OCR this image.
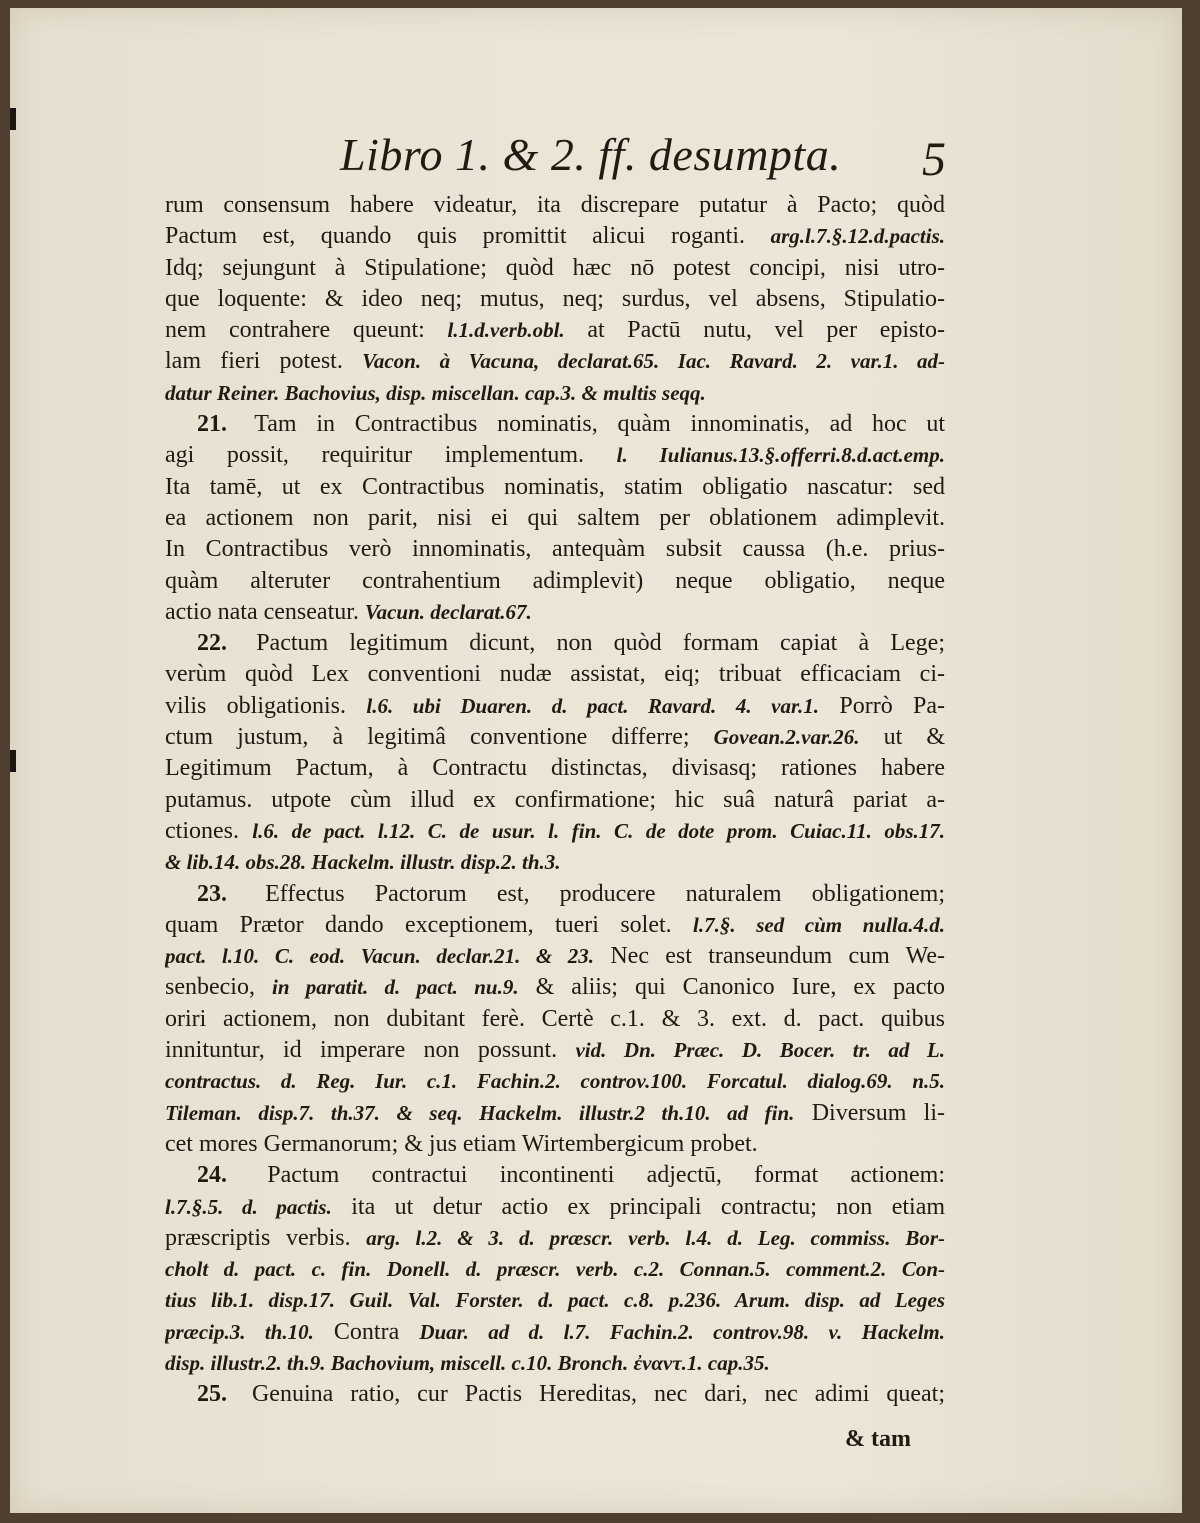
Libro 1. & 2. ff. desumpta. 5
rum consensum habere videatur, ita discrepare putatur à Pacto; quòd
Pactum est, quando quis promittit alicui roganti. arg.l.7.§.12.d.pactis.
Idq; sejungunt à Stipulatione; quòd hæc nō potest concipi, nisi utro-
que loquente: & ideo neq; mutus, neq; surdus, vel absens, Stipulatio-
nem contrahere queunt: l.1.d.verb.obl. at Pactū nutu, vel per episto-
lam fieri potest. Vacon. à Vacuna, declarat.65. Iac. Ravard. 2. var.1. ad-
datur Reiner. Bachovius, disp. miscellan. cap.3. & multis seqq.
21. Tam in Contractibus nominatis, quàm innominatis, ad hoc ut
agi possit, requiritur implementum. l. Iulianus.13.§.offerri.8.d.act.emp.
Ita tamē, ut ex Contractibus nominatis, statim obligatio nascatur: sed
ea actionem non parit, nisi ei qui saltem per oblationem adimplevit.
In Contractibus verò innominatis, antequàm subsit caussa (h.e. prius-
quàm alteruter contrahentium adimplevit) neque obligatio, neque
actio nata censeatur. Vacun. declarat.67.
22. Pactum legitimum dicunt, non quòd formam capiat à Lege;
verùm quòd Lex conventioni nudæ assistat, eiq; tribuat efficaciam ci-
vilis obligationis. l.6. ubi Duaren. d. pact. Ravard. 4. var.1. Porrò Pa-
ctum justum, à legitimâ conventione differre; Govean.2.var.26. ut &
Legitimum Pactum, à Contractu distinctas, divisasq; rationes habere
putamus. utpote cùm illud ex confirmatione; hic suâ naturâ pariat a-
ctiones. l.6. de pact. l.12. C. de usur. l. fin. C. de dote prom. Cuiac.11. obs.17.
& lib.14. obs.28. Hackelm. illustr. disp.2. th.3.
23. Effectus Pactorum est, producere naturalem obligationem;
quam Prætor dando exceptionem, tueri solet. l.7.§. sed cùm nulla.4.d.
pact. l.10. C. eod. Vacun. declar.21. & 23. Nec est transeundum cum We-
senbecio, in paratit. d. pact. nu.9. & aliis; qui Canonico Iure, ex pacto
oriri actionem, non dubitant ferè. Certè c.1. & 3. ext. d. pact. quibus
innituntur, id imperare non possunt. vid. Dn. Præc. D. Bocer. tr. ad L.
contractus. d. Reg. Iur. c.1. Fachin.2. controv.100. Forcatul. dialog.69. n.5.
Tileman. disp.7. th.37. & seq. Hackelm. illustr.2 th.10. ad fin. Diversum li-
cet mores Germanorum; & jus etiam Wirtembergicum probet.
24. Pactum contractui incontinenti adjectū, format actionem:
l.7.§.5. d. pactis. ita ut detur actio ex principali contractu; non etiam
præscriptis verbis. arg. l.2. & 3. d. præscr. verb. l.4. d. Leg. commiss. Bor-
cholt d. pact. c. fin. Donell. d. præscr. verb. c.2. Connan.5. comment.2. Con-
tius lib.1. disp.17. Guil. Val. Forster. d. pact. c.8. p.236. Arum. disp. ad Leges
præcip.3. th.10. Contra Duar. ad d. l.7. Fachin.2. controv.98. v. Hackelm.
disp. illustr.2. th.9. Bachovium, miscell. c.10. Bronch. ἐναντ.1. cap.35.
25. Genuina ratio, cur Pactis Hereditas, nec dari, nec adimi queat;
& tam
